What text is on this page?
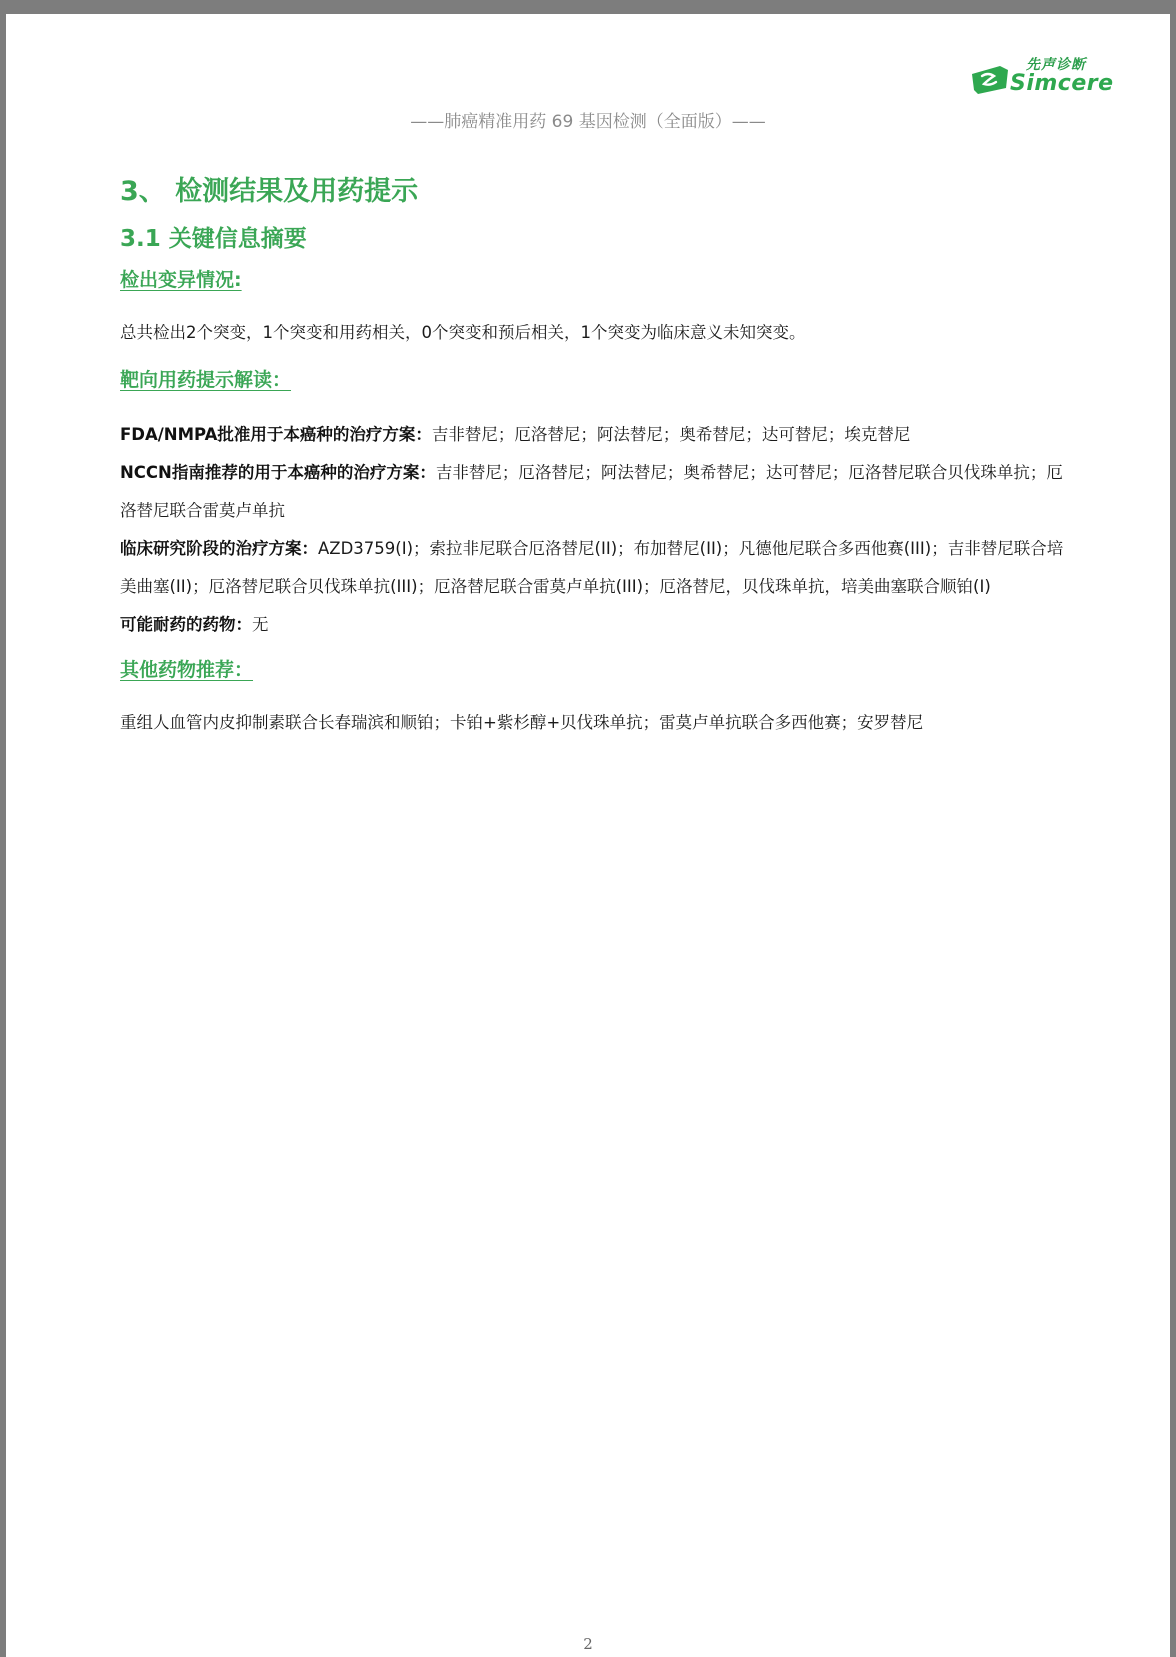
先声诊断
Simcere
——肺癌精准用药 69 基因检测（全面版）——
3、 检测结果及用药提示
3.1 关键信息摘要
检出变异情况:

总共检出2个突变，1个突变和用药相关，0个突变和预后相关，1个突变为临床意义未知突变。

靶向用药提示解读：

FDA/NMPA批准用于本癌种的治疗方案：吉非替尼；厄洛替尼；阿法替尼；奥希替尼；达可替尼；埃克替尼

NCCN指南推荐的用于本癌种的治疗方案：吉非替尼；厄洛替尼；阿法替尼；奥希替尼；达可替尼；厄洛替尼联合贝伐珠单抗；厄洛替尼联合雷莫卢单抗

临床研究阶段的治疗方案：AZD3759(I)；索拉非尼联合厄洛替尼(II)；布加替尼(II)；凡德他尼联合多西他赛(III)；吉非替尼联合培美曲塞(II)；厄洛替尼联合贝伐珠单抗(III)；厄洛替尼联合雷莫卢单抗(III)；厄洛替尼，贝伐珠单抗，培美曲塞联合顺铂(I)

可能耐药的药物：无

其他药物推荐：

重组人血管内皮抑制素联合长春瑞滨和顺铂；卡铂+紫杉醇+贝伐珠单抗；雷莫卢单抗联合多西他赛；安罗替尼

2
